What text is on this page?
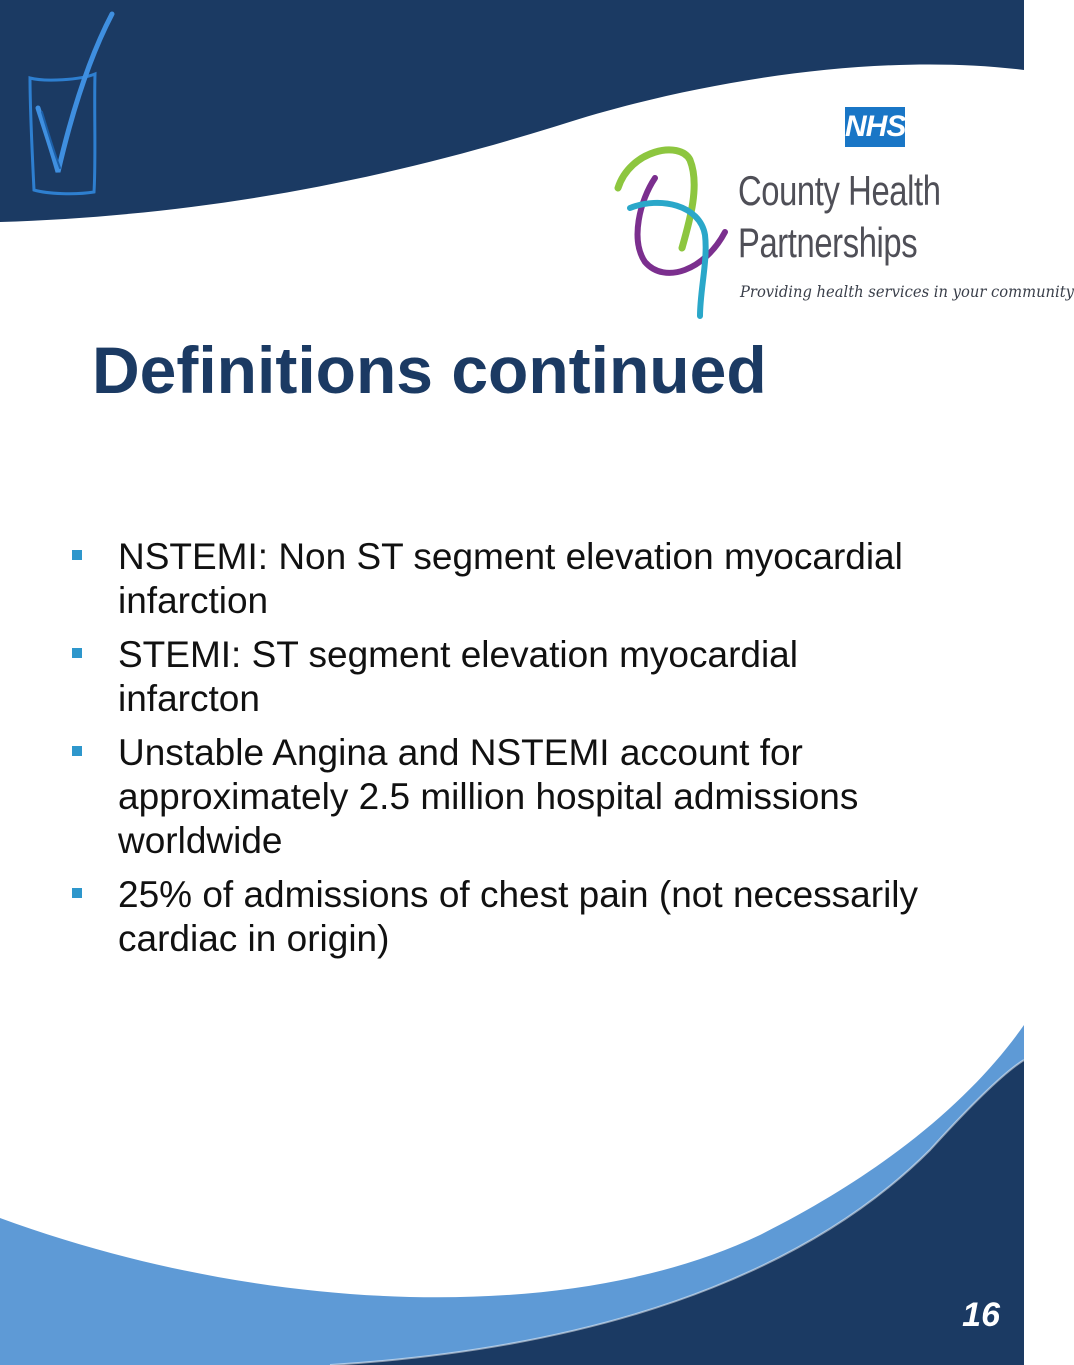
NHS
County Health
Partnerships
Providing health services in your community
Definitions continued
NSTEMI: Non ST segment elevation myocardial infarction
STEMI: ST segment elevation myocardial infarcton
Unstable Angina and NSTEMI account for approximately 2.5 million hospital admissions worldwide
25% of admissions of chest pain (not necessarily cardiac in origin)
16
